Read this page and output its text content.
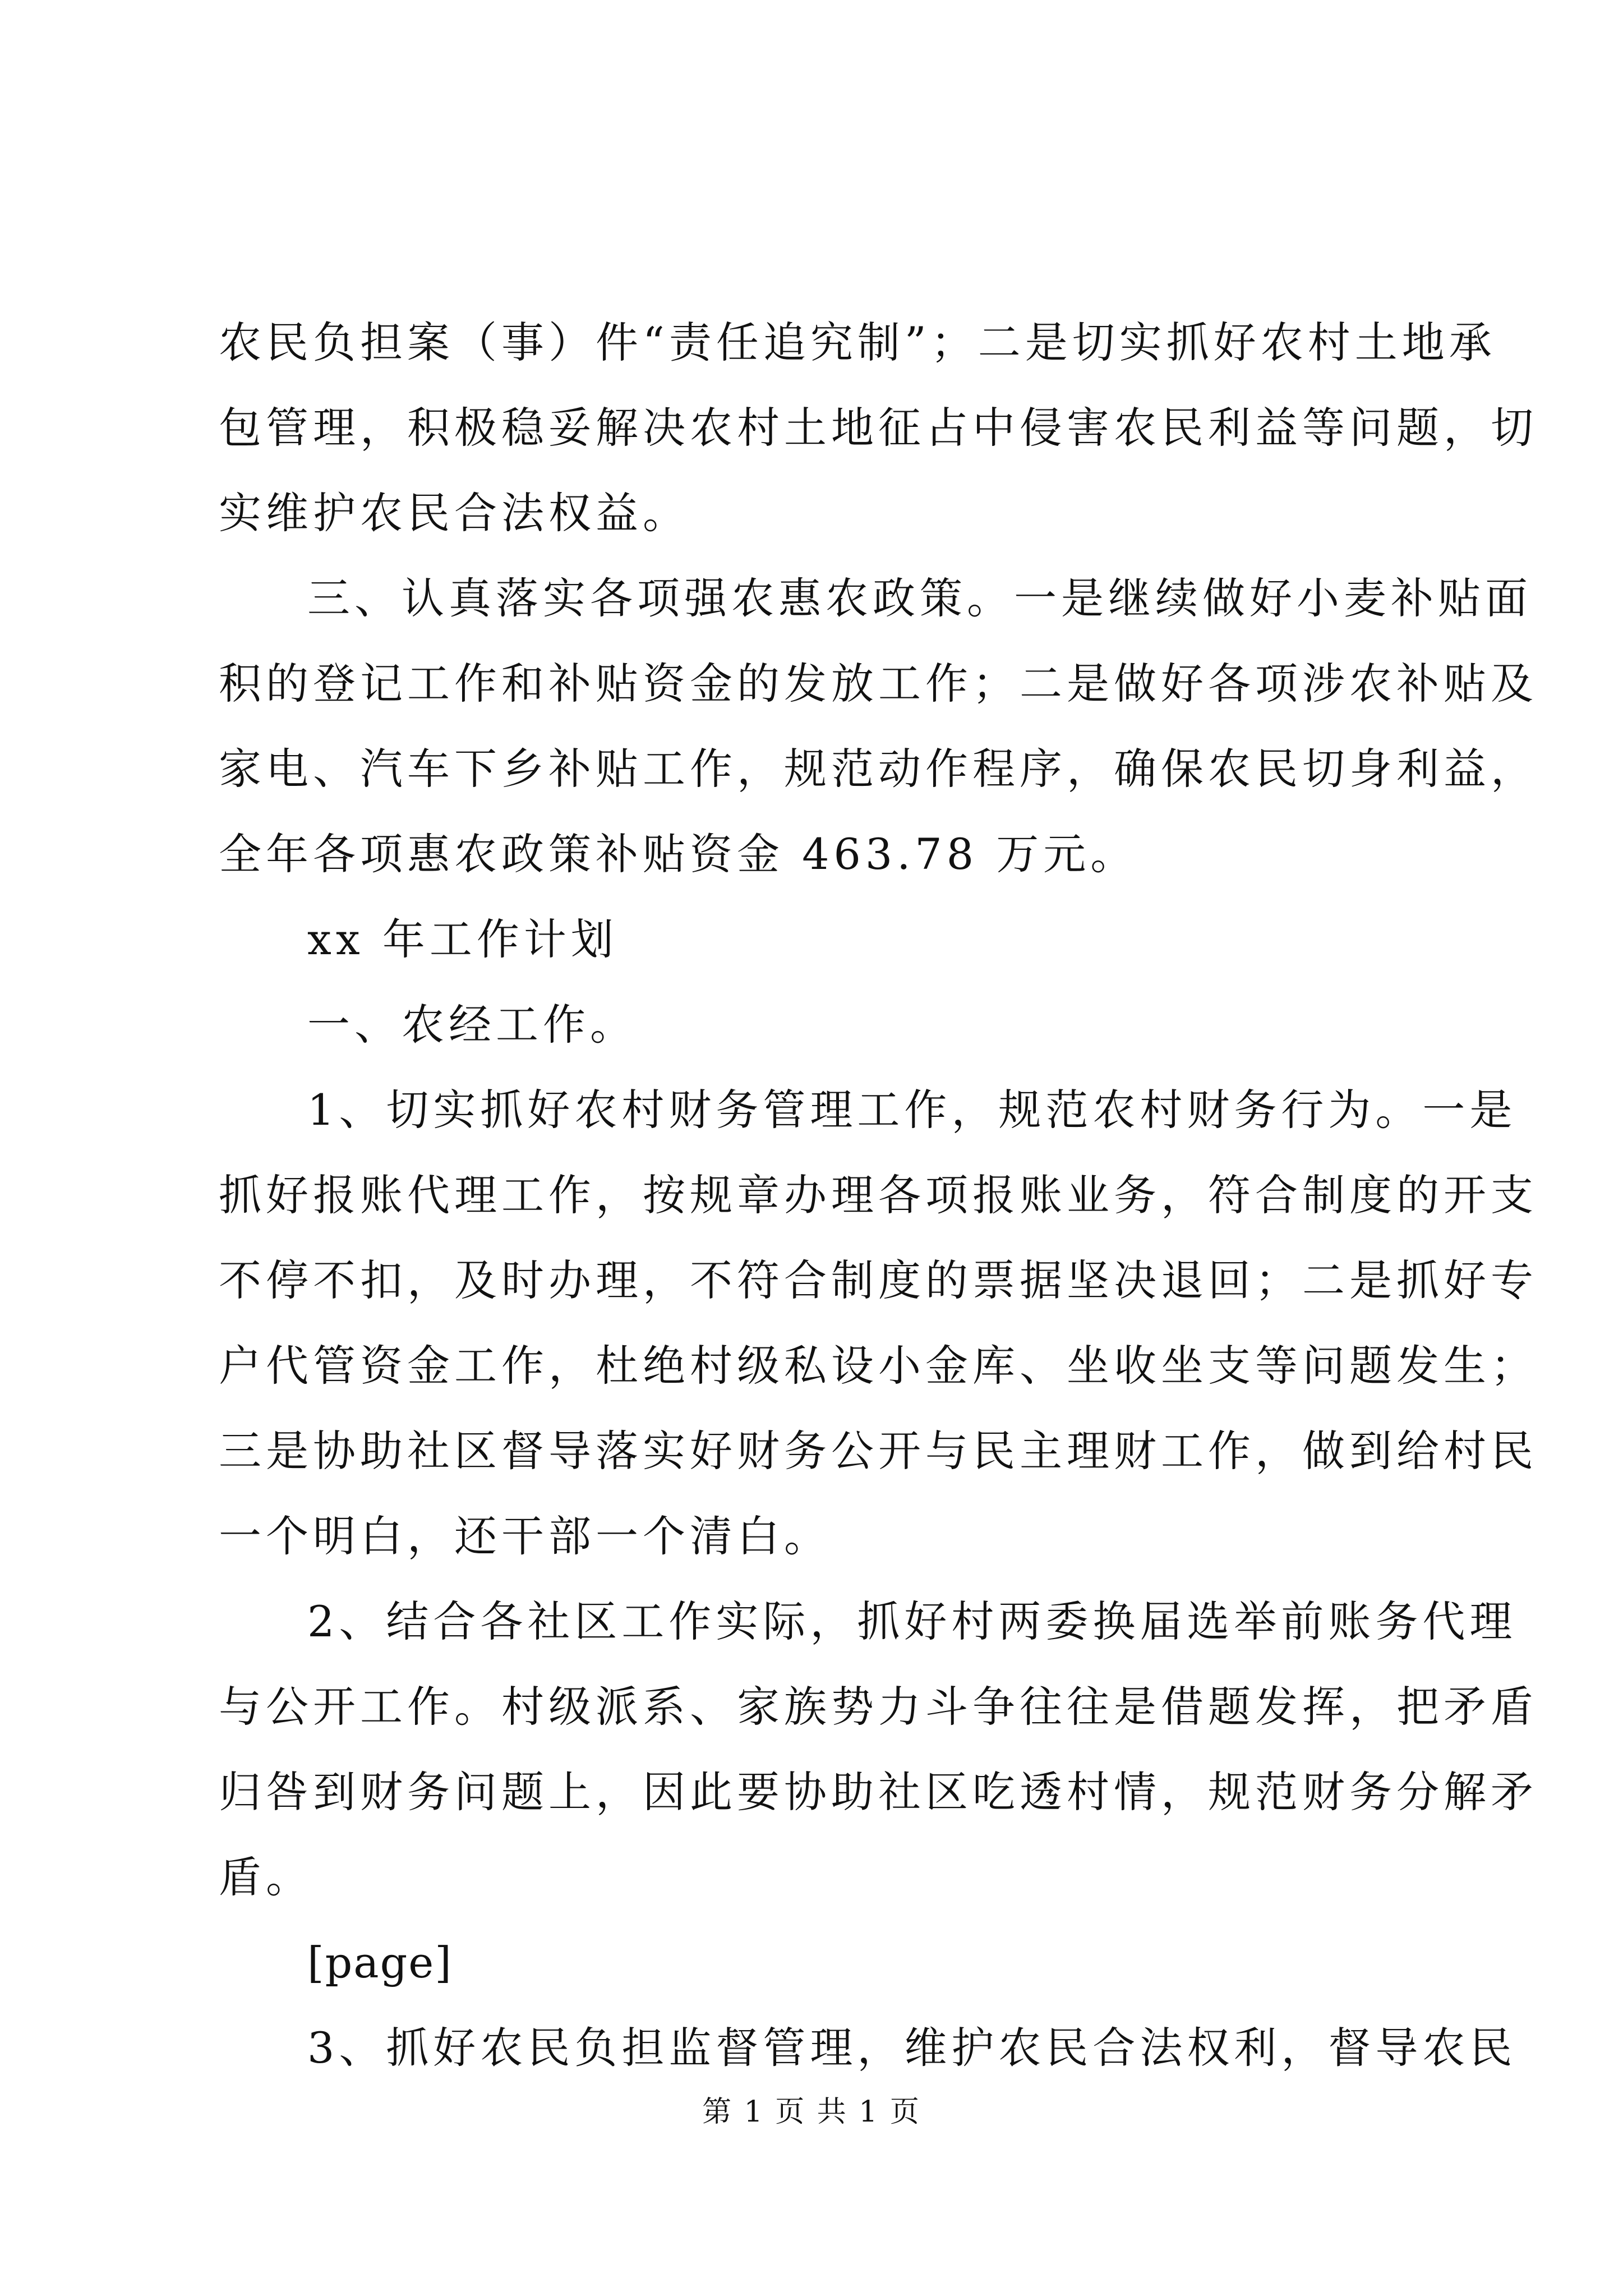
农民负担案（事）件“责任追究制”；二是切实抓好农村土地承
包管理，积极稳妥解决农村土地征占中侵害农民利益等问题，切
实维护农民合法权益。
三、认真落实各项强农惠农政策。一是继续做好小麦补贴面
积的登记工作和补贴资金的发放工作；二是做好各项涉农补贴及
家电、汽车下乡补贴工作，规范动作程序，确保农民切身利益，
全年各项惠农政策补贴资金 463.78 万元。
xx 年工作计划
一、农经工作。
1、切实抓好农村财务管理工作，规范农村财务行为。一是
抓好报账代理工作，按规章办理各项报账业务，符合制度的开支
不停不扣，及时办理，不符合制度的票据坚决退回；二是抓好专
户代管资金工作，杜绝村级私设小金库、坐收坐支等问题发生；
三是协助社区督导落实好财务公开与民主理财工作，做到给村民
一个明白，还干部一个清白。
2、结合各社区工作实际，抓好村两委换届选举前账务代理
与公开工作。村级派系、家族势力斗争往往是借题发挥，把矛盾
归咎到财务问题上，因此要协助社区吃透村情，规范财务分解矛
盾。
[page]
3、抓好农民负担监督管理，维护农民合法权利，督导农民
第 1 页 共 1 页
